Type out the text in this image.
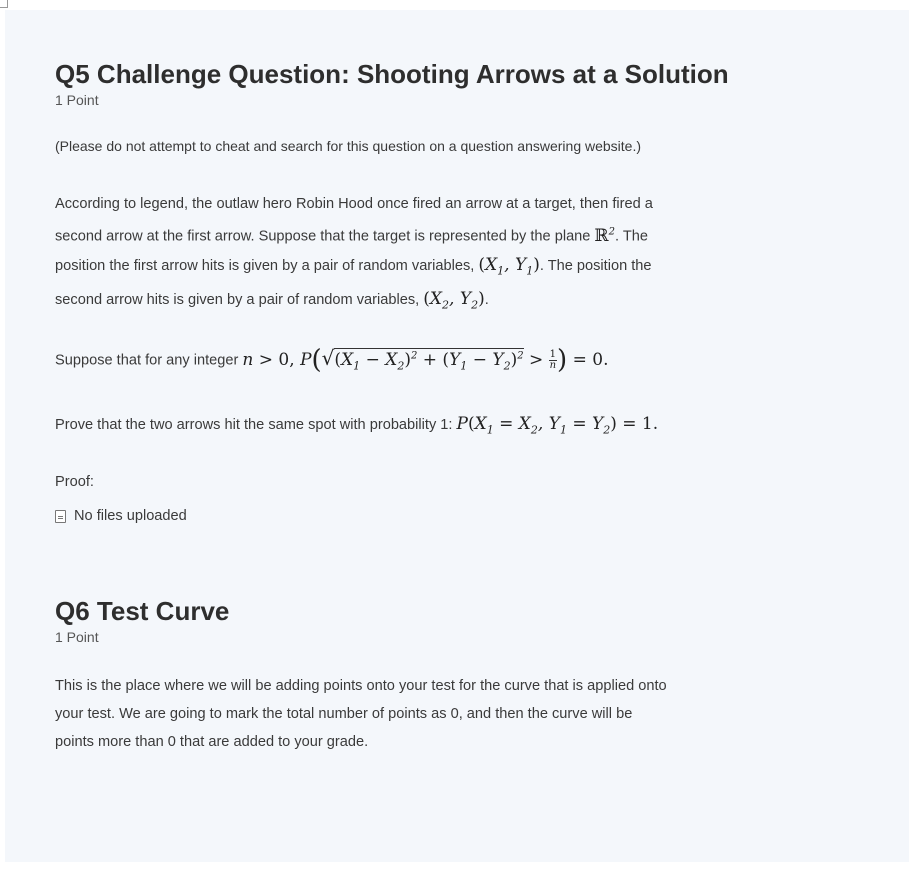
Q5 Challenge Question: Shooting Arrows at a Solution
1 Point

(Please do not attempt to cheat and search for this question on a question answering website.)

According to legend, the outlaw hero Robin Hood once fired an arrow at a target, then fired a
second arrow at the first arrow. Suppose that the target is represented by the plane ℝ$^2$. The
position the first arrow hits is given by a pair of random variables, ($X_1$, $Y_1$). The position the
second arrow hits is given by a pair of random variables, ($X_2$, $Y_2$).
Suppose that for any integer n > 0, $P(√(X_1 - X_2)^2 + (Y_1 - Y_2)^2 > \frac{1}{n}$ ) = 0.
Prove that the two arrows hit the same spot with probability 1: $P(X_1 = X_2$, $Y_1 = Y_2) = 1$.
Proof:
No files uploaded
Q6 Test Curve
1 Point
This is the place where we will be adding points onto your test for the curve that is applied onto
your test. We are going to mark the total number of points as 0, and then the curve will be
points more than 0 that are added to your grade.
